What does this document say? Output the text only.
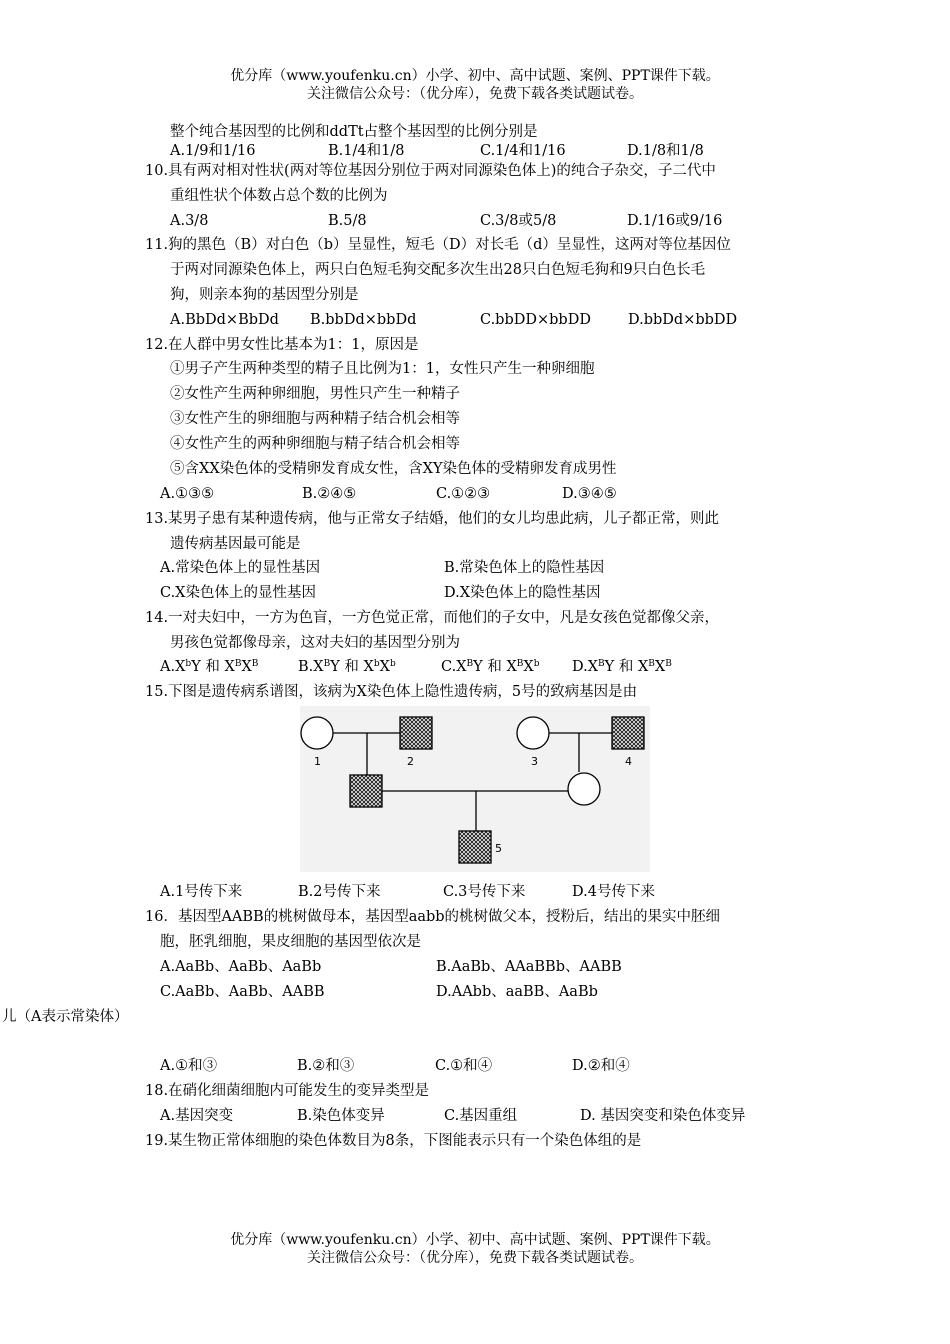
优分库（www.youfenku.cn）小学、初中、高中试题、案例、PPT课件下载。
关注微信公众号：（优分库），免费下载各类试题试卷。
整个纯合基因型的比例和ddTt占整个基因型的比例分别是
A.1/9和1/16	B.1/4和1/8	C.1/4和1/16	D.1/8和1/8
10.具有两对相对性状(两对等位基因分别位于两对同源染色体上)的纯合子杂交，子二代中
重组性状个体数占总个数的比例为
A.3/8	B.5/8	C.3/8或5/8	D.1/16或9/16
11.狗的黑色（B）对白色（b）呈显性，短毛（D）对长毛（d）呈显性，这两对等位基因位
于两对同源染色体上，两只白色短毛狗交配多次生出28只白色短毛狗和9只白色长毛
狗，则亲本狗的基因型分别是
A.BbDd×BbDd B.bbDd×bbDd	C.bbDD×bbDD	D.bbDd×bbDD
12.在人群中男女性比基本为1：1，原因是
①男子产生两种类型的精子且比例为1：1，女性只产生一种卵细胞
②女性产生两种卵细胞，男性只产生一种精子
③女性产生的卵细胞与两种精子结合机会相等
④女性产生的两种卵细胞与精子结合机会相等
⑤含XX染色体的受精卵发育成女性，含XY染色体的受精卵发育成男性
A.①③⑤	B.②④⑤	C.①②③	D.③④⑤
13.某男子患有某种遗传病，他与正常女子结婚，他们的女儿均患此病，儿子都正常，则此
遗传病基因最可能是
A.常染色体上的显性基因	B.常染色体上的隐性基因
C.X染色体上的显性基因	D.X染色体上的隐性基因
14.一对夫妇中，一方为色盲，一方色觉正常，而他们的子女中，凡是女孩色觉都像父亲，
男孩色觉都像母亲，这对夫妇的基因型分别为
$A.X^bY$ 和 $X^BX^B$	$B.X^BY$ 和 $X^bX^b$	$C.X^BY$ 和 $X^BX^b$ $D.X^BY$ 和 $X^BX^B$
15.下图是遗传病系谱图，该病为X染色体上隐性遗传病，5号的致病基因是由
1	2	3	4
5
A.1号传下来	B.2号传下来	C.3号传下来	D.4号传下来
16．基因型AABB的桃树做母本，基因型aabb的桃树做父本，授粉后，结出的果实中胚细
胞，胚乳细胞，果皮细胞的基因型依次是
A.AaBb、AaBb、AaBb	B.AaBb、AAaBBb、AABB
C.AaBb、AaBb、AABB	D.AAbb、aaBB、AaBb
儿（A表示常染体）
A.①和③	B.②和③	C.①和④	D.②和④
18.在硝化细菌细胞内可能发生的变异类型是
A.基因突变	B.染色体变异	C.基因重组	D. 基因突变和染色体变异
19.某生物正常体细胞的染色体数目为8条，下图能表示只有一个染色体组的是
优分库（www.youfenku.cn）小学、初中、高中试题、案例、PPT课件下载。
关注微信公众号：（优分库），免费下载各类试题试卷。
